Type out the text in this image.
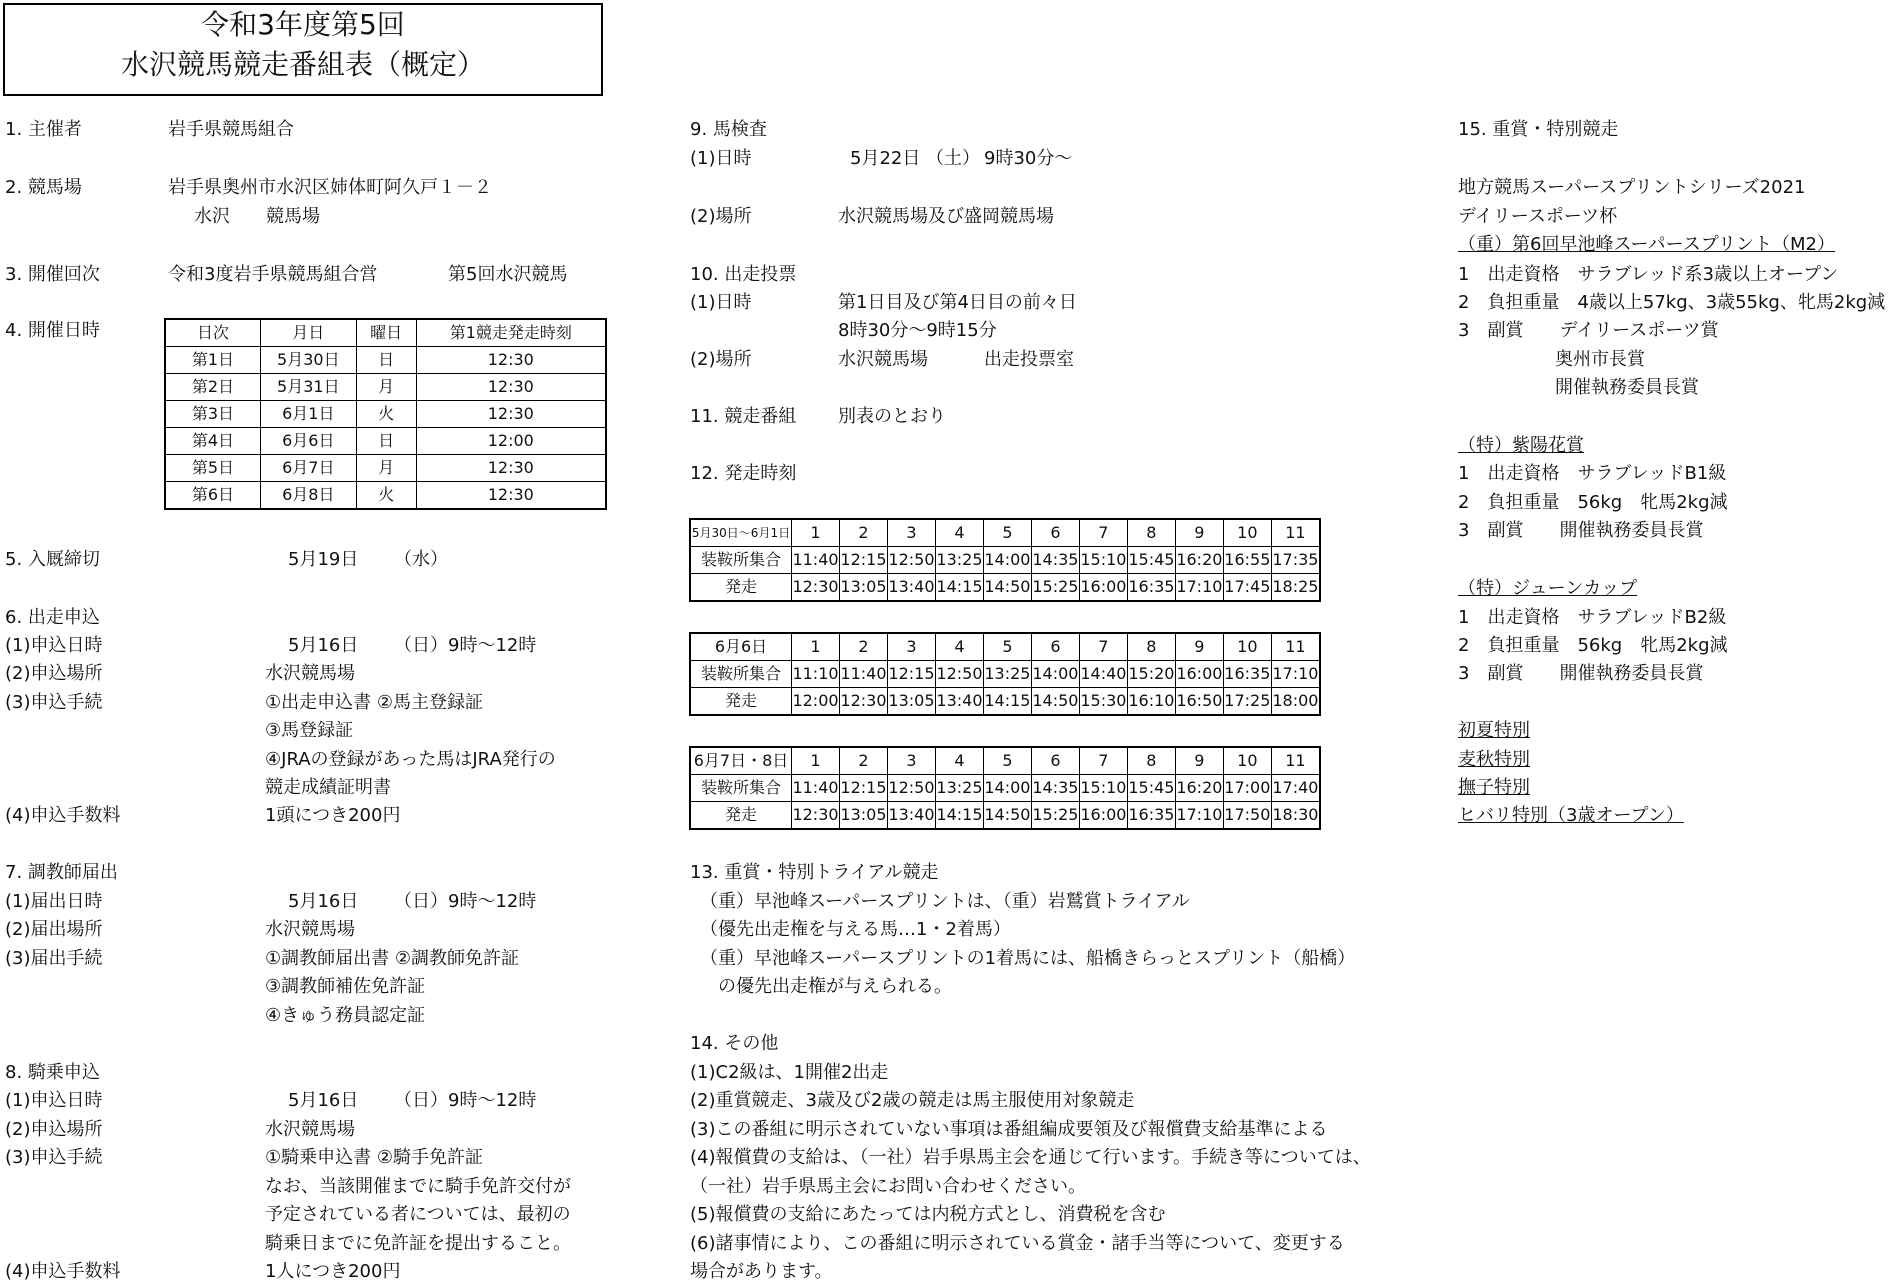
令和3年度第5回
水沢競馬競走番組表（概定）
1. 主催者	岩手県競馬組合
2. 競馬場	岩手県奥州市水沢区姉体町阿久戸１－２
水沢　　競馬場
3. 開催回次	令和3度岩手県競馬組合営	第5回水沢競馬
4. 開催日時	日次	月日	曜日	第1競走発走時刻
第1日	5月30日	日	12:30
第2日	5月31日	月	12:30
第3日	6月1日	火	12:30
第4日	6月6日	日	12:00
第5日	6月7日	月	12:30
第6日	6月8日	火	12:30
5. 入厩締切	5月19日 （水）
6. 出走申込
(1)申込日時	5月16日 （日） 9時～12時
(2)申込場所	水沢競馬場
(3)申込手続	①出走申込書 ②馬主登録証
③馬登録証
④JRAの登録があった馬はJRA発行の
競走成績証明書
(4)申込手数料	1頭につき200円
7. 調教師届出
(1)届出日時	5月16日 （日） 9時～12時
(2)届出場所	水沢競馬場
(3)届出手続	①調教師届出書 ②調教師免許証
③調教師補佐免許証
④きゅう務員認定証
8. 騎乗申込
(1)申込日時	5月16日 （日） 9時～12時
(2)申込場所	水沢競馬場
(3)申込手続	①騎乗申込書 ②騎手免許証
なお、当該開催までに騎手免許交付が
予定されている者については、最初の
騎乗日までに免許証を提出すること。
(4)申込手数料	1人につき200円
9. 馬検査
(1)日時	5月22日 （土） 9時30分～
(2)場所	水沢競馬場及び盛岡競馬場
10. 出走投票
(1)日時	第1日目及び第4日目の前々日
8時30分～9時15分
(2)場所	水沢競馬場	出走投票室
11. 競走番組 別表のとおり
12. 発走時刻
5月30日～6月1日	1	2	3	4	5	6	7	8	9	10	11
装鞍所集合	11:40	12:15	12:50	13:25	14:00	14:35	15:10	15:45	16:20	16:55	17:35
発走	12:30	13:05	13:40	14:15	14:50	15:25	16:00	16:35	17:10	17:45	18:25
6月6日	1	2	3	4	5	6	7	8	9	10	11
装鞍所集合	11:10	11:40	12:15	12:50	13:25	14:00	14:40	15:20	16:00	16:35	17:10
発走	12:00	12:30	13:05	13:40	14:15	14:50	15:30	16:10	16:50	17:25	18:00
6月7日・8日	1	2	3	4	5	6	7	8	9	10	11
装鞍所集合	11:40	12:15	12:50	13:25	14:00	14:35	15:10	15:45	16:20	17:00	17:40
発走	12:30	13:05	13:40	14:15	14:50	15:25	16:00	16:35	17:10	17:50	18:30
13. 重賞・特別トライアル競走
（重）早池峰スーパースプリントは、（重）岩鷲賞トライアル
（優先出走権を与える馬…1・2着馬）
（重）早池峰スーパースプリントの1着馬には、船橋きらっとスプリント（船橋）
の優先出走権が与えられる。
14. その他
(1)C2級は、1開催2出走
(2)重賞競走、3歳及び2歳の競走は馬主服使用対象競走
(3)この番組に明示されていない事項は番組編成要領及び報償費支給基準による
(4)報償費の支給は、（一社）岩手県馬主会を通じて行います。手続き等については、
（一社）岩手県馬主会にお問い合わせください。
(5)報償費の支給にあたっては内税方式とし、消費税を含む
(6)諸事情により、この番組に明示されている賞金・諸手当等について、変更する
場合があります。
15. 重賞・特別競走
地方競馬スーパースプリントシリーズ2021
デイリースポーツ杯
（重）第6回早池峰スーパースプリント（M2）
1　出走資格　サラブレッド系3歳以上オープン
2　負担重量　4歳以上57kg、3歳55kg、牝馬2kg減
3　副賞　　デイリースポーツ賞
奥州市長賞
開催執務委員長賞
（特）紫陽花賞
1　出走資格　サラブレッドB1級
2　負担重量　56kg　牝馬2kg減
3　副賞　　開催執務委員長賞
（特）ジューンカップ
1　出走資格　サラブレッドB2級
2　負担重量　56kg　牝馬2kg減
3　副賞　　開催執務委員長賞
初夏特別
麦秋特別
撫子特別
ヒバリ特別（3歳オープン）
